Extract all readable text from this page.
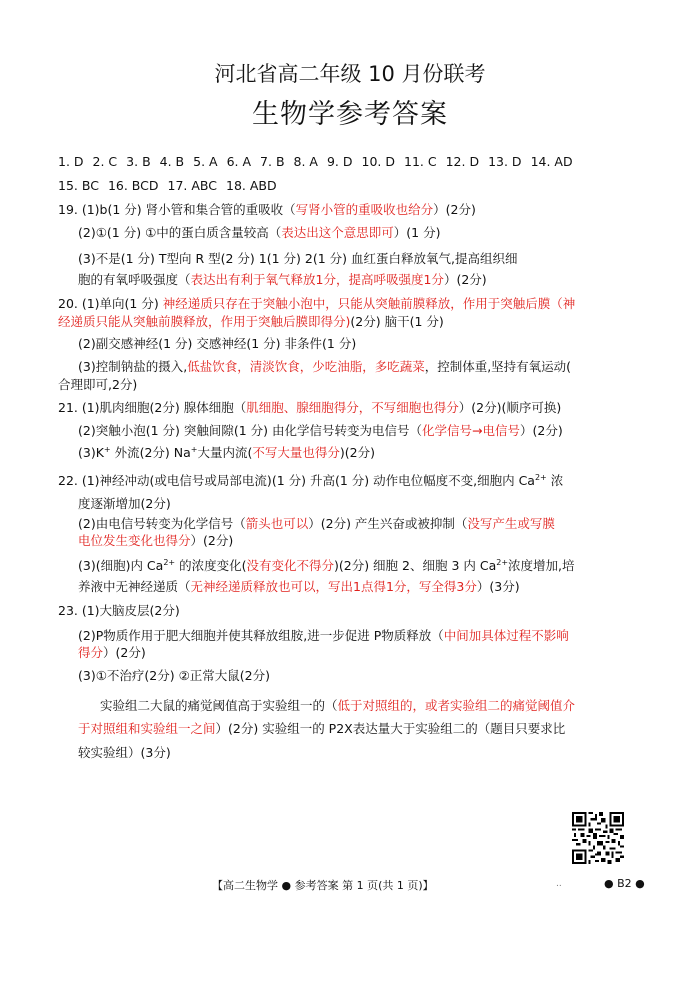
河北省高二年级 10 月份联考
生物学参考答案
1. D 2. C 3. B 4. B 5. A 6. A 7. B 8. A 9. D 10. D 11. C 12. D 13. D 14. AD
15. BC 16. BCD 17. ABC 18. ABD
19. (1)b(1 分) 肾小管和集合管的重吸收（写肾小管的重吸收也给分）(2分)
(2)①(1 分) ①中的蛋白质含量较高（表达出这个意思即可）(1 分)
(3)不是(1 分) T型向 R 型(2 分) 1(1 分) 2(1 分) 血红蛋白释放氧气,提高组织细
胞的有氧呼吸强度（表达出有利于氧气释放1分，提高呼吸强度1分）(2分)
20. (1)单向(1 分) 神经递质只存在于突触小泡中，只能从突触前膜释放，作用于突触后膜（神
经递质只能从突触前膜释放，作用于突触后膜即得分)(2分) 脑干(1 分)
(2)副交感神经(1 分) 交感神经(1 分) 非条件(1 分)
(3)控制钠盐的摄入,低盐饮食，清淡饮食，少吃油脂，多吃蔬菜，控制体重,坚持有氧运动(
合理即可,2分)
21. (1)肌肉细胞(2分) 腺体细胞（肌细胞、腺细胞得分，不写细胞也得分）(2分)(顺序可换)
(2)突触小泡(1 分) 突触间隙(1 分) 由化学信号转变为电信号（化学信号→电信号）(2分)
(3)K+ 外流(2分) Na+大量内流(不写大量也得分)(2分)
22. (1)神经冲动(或电信号或局部电流)(1 分) 升高(1 分) 动作电位幅度不变,细胞内 $Ca^{2+}$ 浓
度逐渐增加(2分)
(2)由电信号转变为化学信号（箭头也可以）(2分) 产生兴奋或被抑制（没写产生或写膜
电位发生变化也得分）(2分)
(3)(细胞)内 $Ca^{2+}$ 的浓度变化(没有变化不得分)(2分) 细胞 2、细胞 3 内 $Ca^{2+}$浓度增加,培
养液中无神经递质（无神经递质释放也可以，写出1点得1分，写全得3分）(3分)
23. (1)大脑皮层(2分)
(2)P物质作用于肥大细胞并使其释放组胺,进一步促进 P物质释放（中间加具体过程不影响
得分）(2分)
(3)①不治疗(2分) ②正常大鼠(2分)
实验组二大鼠的痛觉阈值高于实验组一的（低于对照组的，或者实验组二的痛觉阈值介
于对照组和实验组一之间）(2分) 实验组一的 P2X表达量大于实验组二的（题目只要求比
较实验组）(3分)
【高二生物学 ● 参考答案 第 1 页(共 1 页)】	..	● B2 ●
